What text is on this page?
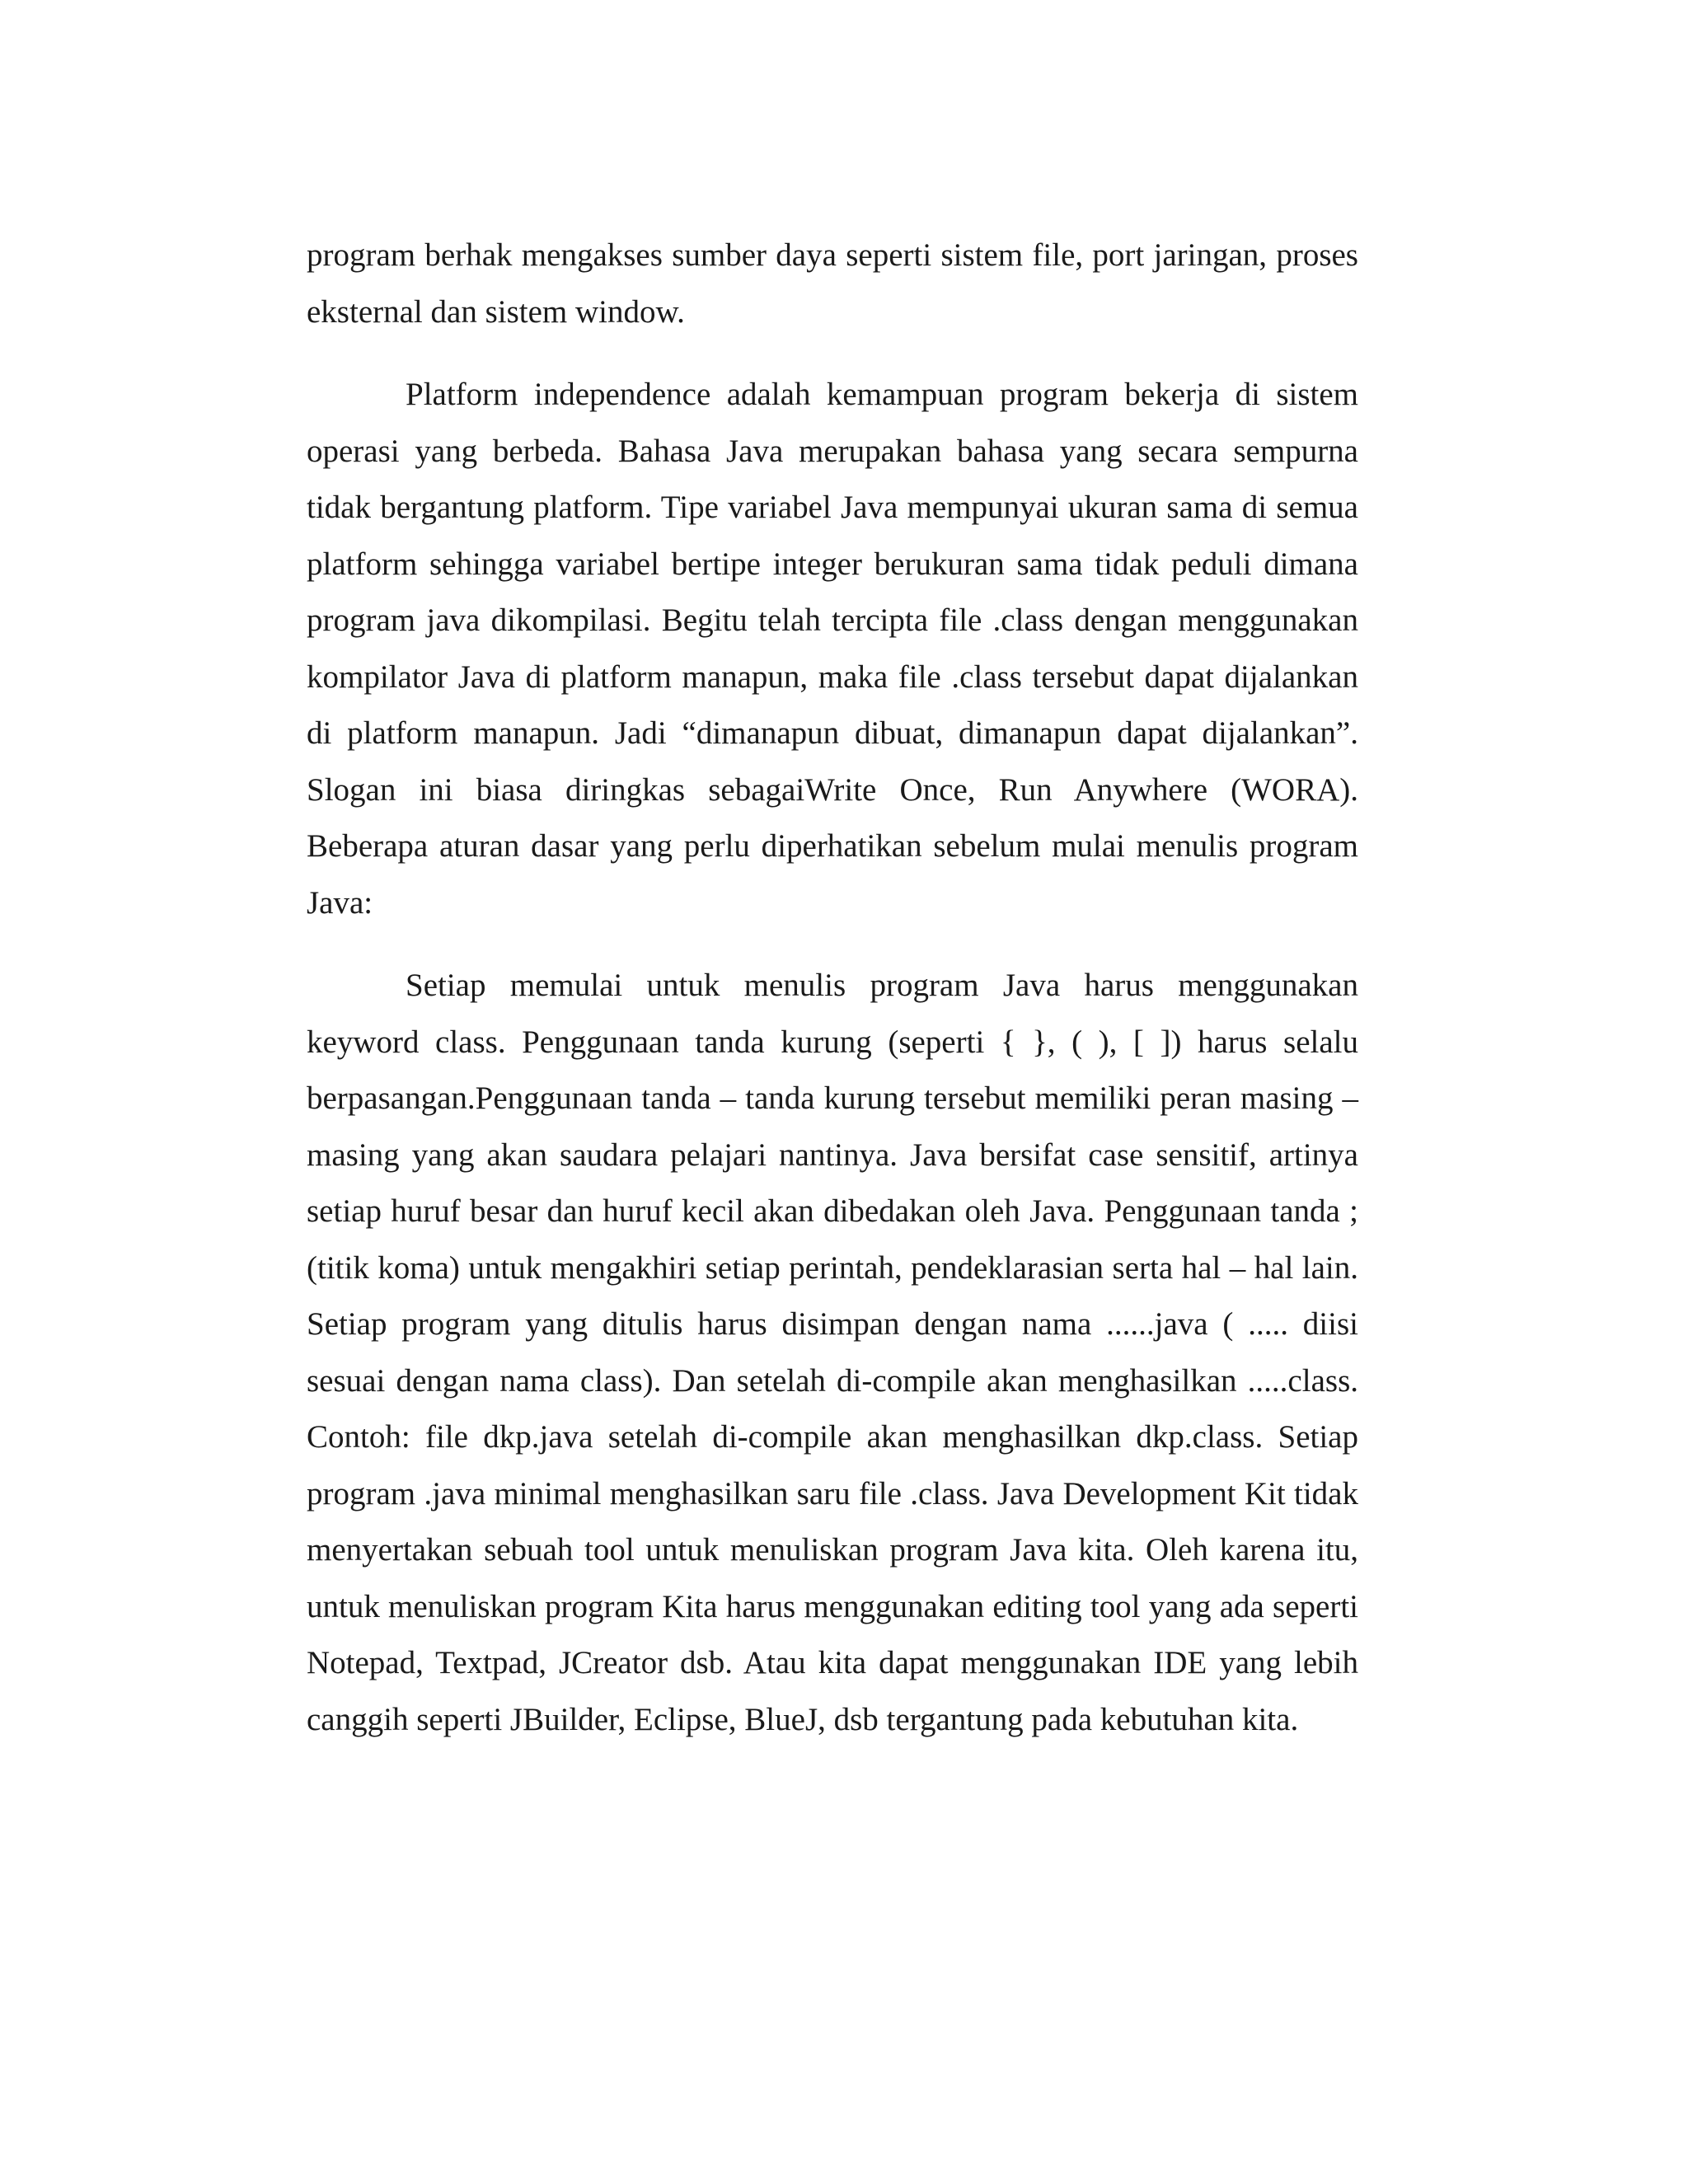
program berhak mengakses sumber daya seperti sistem file, port jaringan, proses eksternal dan sistem window.

Platform independence adalah kemampuan program bekerja di sistem operasi yang berbeda. Bahasa Java merupakan bahasa yang secara sempurna tidak bergantung platform. Tipe variabel Java mempunyai ukuran sama di semua platform sehingga variabel bertipe integer berukuran sama tidak peduli dimana program java dikompilasi. Begitu telah tercipta file .class dengan menggunakan kompilator Java di platform manapun, maka file .class tersebut dapat dijalankan di platform manapun. Jadi “dimanapun dibuat, dimanapun dapat dijalankan”. Slogan ini biasa diringkas sebagaiWrite Once, Run Anywhere (WORA). Beberapa aturan dasar yang perlu diperhatikan sebelum mulai menulis program Java:

Setiap memulai untuk menulis program Java harus menggunakan keyword class. Penggunaan tanda kurung (seperti { }, ( ), [ ]) harus selalu berpasangan.Penggunaan tanda – tanda kurung tersebut memiliki peran masing – masing yang akan saudara pelajari nantinya. Java bersifat case sensitif, artinya setiap huruf besar dan huruf kecil akan dibedakan oleh Java. Penggunaan tanda ; (titik koma) untuk mengakhiri setiap perintah, pendeklarasian serta hal – hal lain. Setiap program yang ditulis harus disimpan dengan nama ......java ( ..... diisi sesuai dengan nama class). Dan setelah di-compile akan menghasilkan .....class. Contoh: file dkp.java setelah di-compile akan menghasilkan dkp.class. Setiap program .java minimal menghasilkan saru file .class. Java Development Kit tidak menyertakan sebuah tool untuk menuliskan program Java kita. Oleh karena itu, untuk menuliskan program Kita harus menggunakan editing tool yang ada seperti Notepad, Textpad, JCreator dsb. Atau kita dapat menggunakan IDE yang lebih canggih seperti JBuilder, Eclipse, BlueJ, dsb tergantung pada kebutuhan kita.
